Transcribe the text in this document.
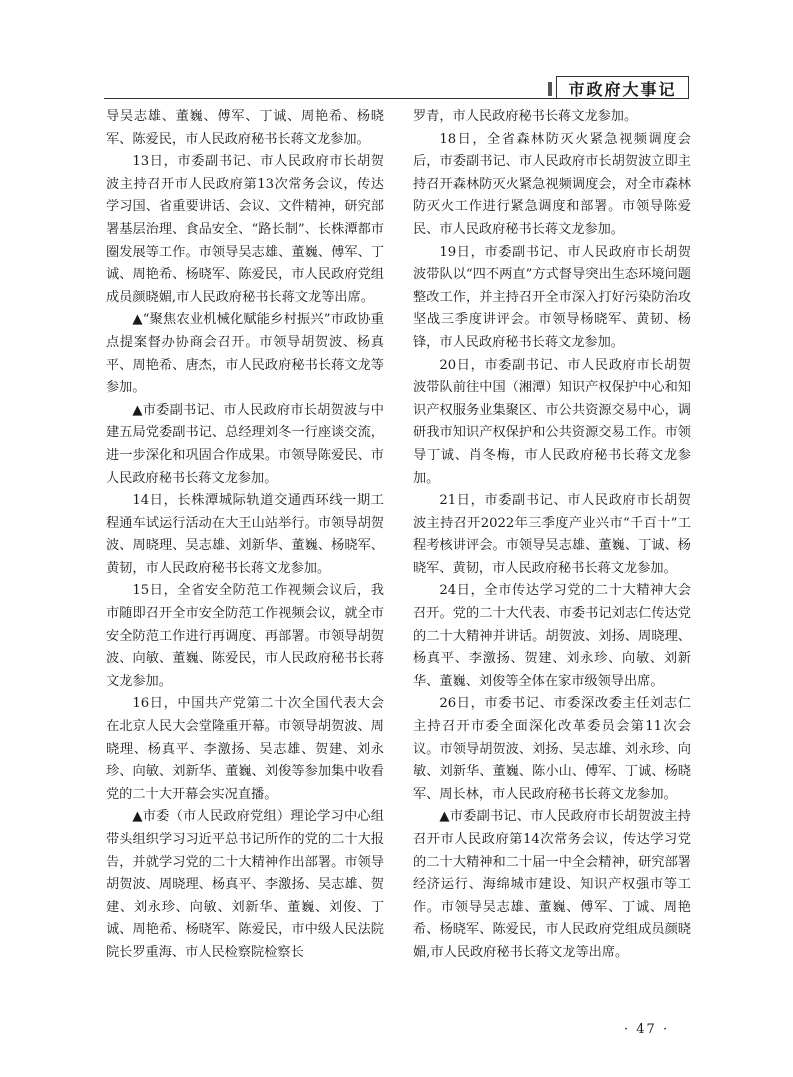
市政府大事记

导吴志雄、董巍、傅军、丁诚、周艳希、杨晓军、陈爱民，市人民政府秘书长蒋文龙参加。

13日，市委副书记、市人民政府市长胡贺波主持召开市人民政府第13次常务会议，传达学习国、省重要讲话、会议、文件精神，研究部署基层治理、食品安全、“路长制”、长株潭都市圈发展等工作。市领导吴志雄、董巍、傅军、丁诚、周艳希、杨晓军、陈爱民，市人民政府党组成员颜晓媚,市人民政府秘书长蒋文龙等出席。

▲“聚焦农业机械化赋能乡村振兴”市政协重点提案督办协商会召开。市领导胡贺波、杨真平、周艳希、唐杰，市人民政府秘书长蒋文龙等参加。

▲市委副书记、市人民政府市长胡贺波与中建五局党委副书记、总经理刘冬一行座谈交流，进一步深化和巩固合作成果。市领导陈爱民、市人民政府秘书长蒋文龙参加。

14日，长株潭城际轨道交通西环线一期工程通车试运行活动在大王山站举行。市领导胡贺波、周晓理、吴志雄、刘新华、董巍、杨晓军、黄韧，市人民政府秘书长蒋文龙参加。

15日，全省安全防范工作视频会议后，我市随即召开全市安全防范工作视频会议，就全市安全防范工作进行再调度、再部署。市领导胡贺波、向敏、董巍、陈爱民，市人民政府秘书长蒋文龙参加。

16日，中国共产党第二十次全国代表大会在北京人民大会堂隆重开幕。市领导胡贺波、周晓理、杨真平、李激扬、吴志雄、贺建、刘永珍、向敏、刘新华、董巍、刘俊等参加集中收看党的二十大开幕会实况直播。

▲市委（市人民政府党组）理论学习中心组带头组织学习习近平总书记所作的党的二十大报告，并就学习党的二十大精神作出部署。市领导胡贺波、周晓理、杨真平、李激扬、吴志雄、贺建、刘永珍、向敏、刘新华、董巍、刘俊、丁诚、周艳希、杨晓军、陈爱民，市中级人民法院院长罗重海、市人民检察院检察长

罗青，市人民政府秘书长蒋文龙参加。

18日，全省森林防灭火紧急视频调度会后，市委副书记、市人民政府市长胡贺波立即主持召开森林防灭火紧急视频调度会，对全市森林防灭火工作进行紧急调度和部署。市领导陈爱民、市人民政府秘书长蒋文龙参加。

19日，市委副书记、市人民政府市长胡贺波带队以“四不两直”方式督导突出生态环境问题整改工作，并主持召开全市深入打好污染防治攻坚战三季度讲评会。市领导杨晓军、黄韧、杨锋，市人民政府秘书长蒋文龙参加。

20日，市委副书记、市人民政府市长胡贺波带队前往中国（湘潭）知识产权保护中心和知识产权服务业集聚区、市公共资源交易中心，调研我市知识产权保护和公共资源交易工作。市领导丁诚、肖冬梅，市人民政府秘书长蒋文龙参加。

21日，市委副书记、市人民政府市长胡贺波主持召开2022年三季度产业兴市“千百十”工程考核讲评会。市领导吴志雄、董巍、丁诚、杨晓军、黄韧，市人民政府秘书长蒋文龙参加。

24日，全市传达学习党的二十大精神大会召开。党的二十大代表、市委书记刘志仁传达党的二十大精神并讲话。胡贺波、刘扬、周晓理、杨真平、李激扬、贺建、刘永珍、向敏、刘新华、董巍、刘俊等全体在家市级领导出席。

26日，市委书记、市委深改委主任刘志仁主持召开市委全面深化改革委员会第11次会议。市领导胡贺波、刘扬、吴志雄、刘永珍、向敏、刘新华、董巍、陈小山、傅军、丁诚、杨晓军、周长林，市人民政府秘书长蒋文龙参加。

▲市委副书记、市人民政府市长胡贺波主持召开市人民政府第14次常务会议，传达学习党的二十大精神和二十届一中全会精神，研究部署经济运行、海绵城市建设、知识产权强市等工作。市领导吴志雄、董巍、傅军、丁诚、周艳希、杨晓军、陈爱民，市人民政府党组成员颜晓媚,市人民政府秘书长蒋文龙等出席。

· 47 ·
